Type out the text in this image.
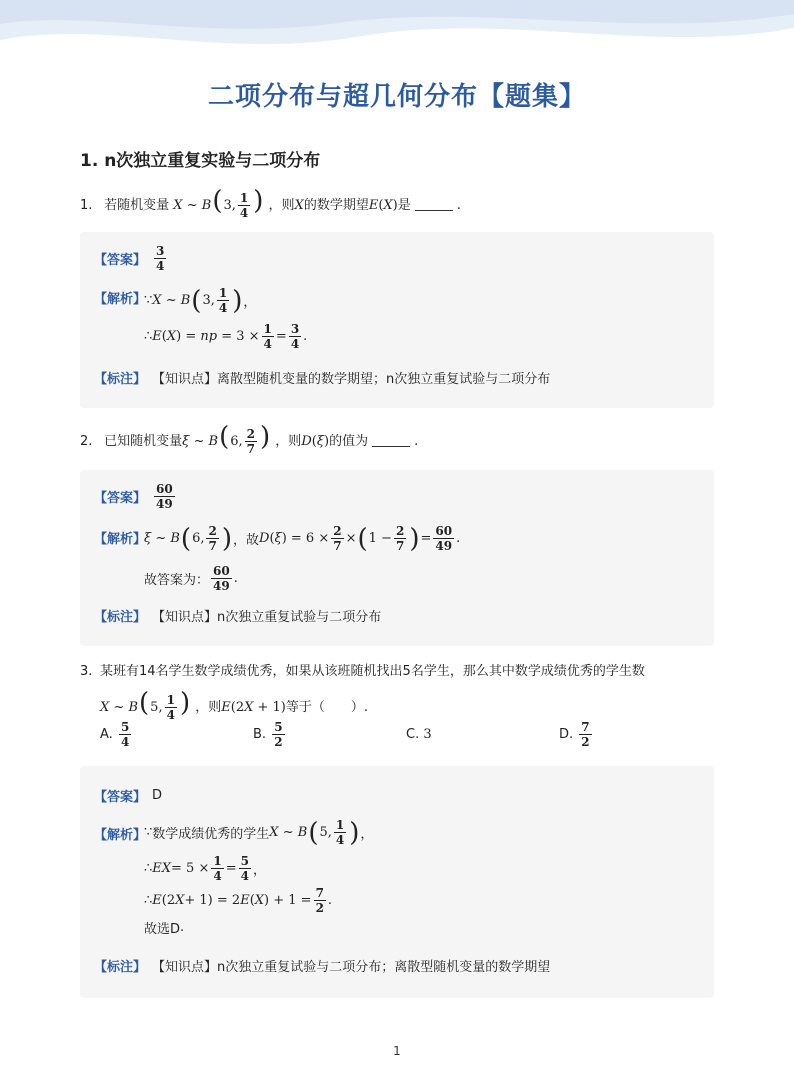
二项分布与超几何分布【题集】
1. n次独立重复实验与二项分布
1. 若随机变量 X ~ B(3, $\frac{1}{4}$ ) ，则X的数学期望E(X)是	.
【答案】 $\frac{3}{4}$
【解析】
∵ X
~
B ( 3, $\frac{1}{4}$ ) ，
∴ E ( X ) =
np
= $3 \times \frac{1}{4} = \frac{3}{4}$ .
【标注】 【知识点】离散型随机变量的数学期望；n次独立重复试验与二项分布
2. 已知随机变量ξ ~ B(6, $\frac{2}{7}$ ) ，则D(ξ)的值为	.
【答案】 $\frac{60}{49}$
【解析】
ξ
~
B ( 6, $\frac{2}{7}$ ) ，故 D ( ξ ) = $6 \times \frac{2}{7}$ × ( $1 - \frac{2}{7}$ ) = $\frac{60}{49}$ .
故答案为： $\frac{60}{49}$ .
【标注】 【知识点】n次独立重复试验与二项分布
3. 某班有14名学生数学成绩优秀，如果从该班随机找出5名学生，那么其中数学成绩优秀的学生数
X ~ B(5, $\frac{1}{4}$ ) ，则E(2X + 1)等于（　　）.
A.
$\frac{5}{4}$	B.
$\frac{5}{2}$	C.
3	D.
$\frac{7}{2}$
【答案】 D
【解析】
∵ 数学成绩优秀的学生 X
~
B ( 5, $\frac{1}{4}$ ) ，
∴ EX = $5 \times \frac{1}{4} = \frac{5}{4}$ ，
∴ E (2 X + 1) = 2 E ( X ) + $1 = \frac{7}{2}$ .
故选D .
【标注】 【知识点】n次独立重复试验与二项分布；离散型随机变量的数学期望
1
